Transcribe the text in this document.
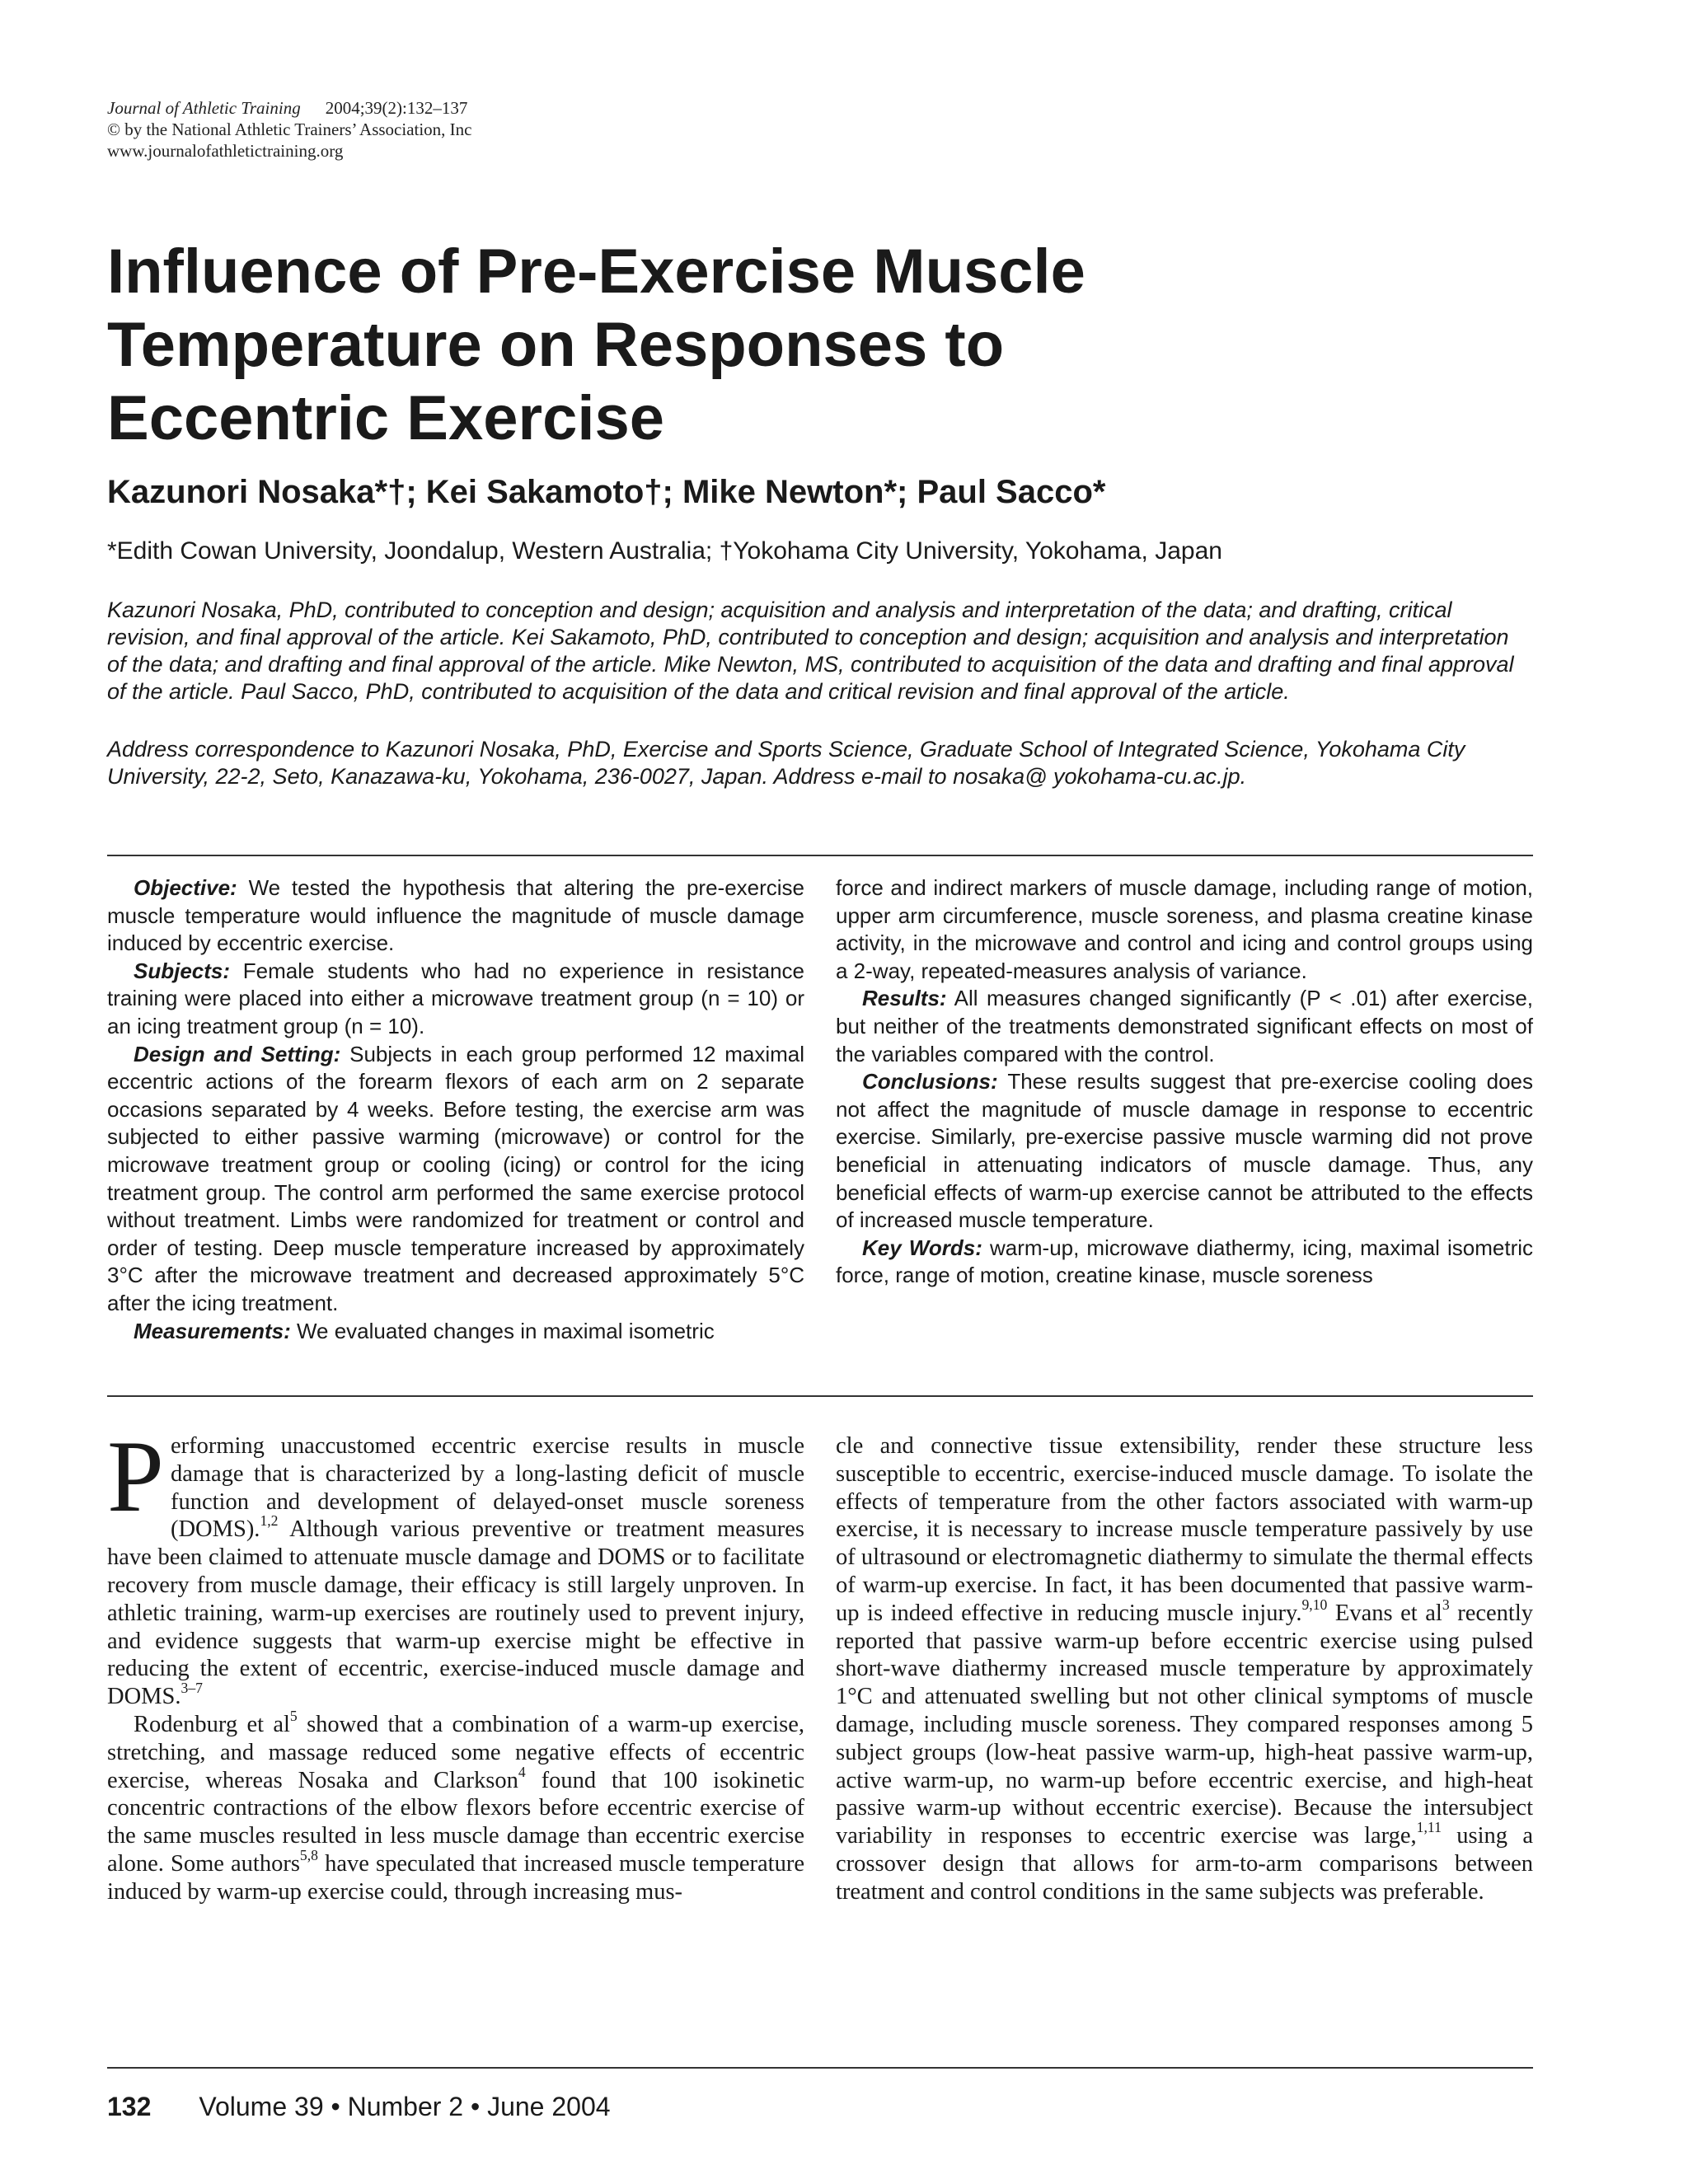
Journal of Athletic Training 2004;39(2):132–137
© by the National Athletic Trainers’ Association, Inc
www.journalofathletictraining.org
Influence of Pre-Exercise Muscle
Temperature on Responses to
Eccentric Exercise
Kazunori Nosaka*†; Kei Sakamoto†; Mike Newton*; Paul Sacco*
*Edith Cowan University, Joondalup, Western Australia; †Yokohama City University, Yokohama, Japan

Kazunori Nosaka, PhD, contributed to conception and design; acquisition and analysis and interpretation of the data; and drafting, critical revision, and final approval of the article. Kei Sakamoto, PhD, contributed to conception and design; acquisition and analysis and interpretation of the data; and drafting and final approval of the article. Mike Newton, MS, contributed to acquisition of the data and drafting and final approval of the article. Paul Sacco, PhD, contributed to acquisition of the data and critical revision and final approval of the article.

Address correspondence to Kazunori Nosaka, PhD, Exercise and Sports Science, Graduate School of Integrated Science, Yokohama City University, 22-2, Seto, Kanazawa-ku, Yokohama, 236-0027, Japan. Address e-mail to nosaka@ yokohama-cu.ac.jp.

Objective: We tested the hypothesis that altering the pre-exercise muscle temperature would influence the magnitude of muscle damage induced by eccentric exercise.

Subjects: Female students who had no experience in resistance training were placed into either a microwave treatment group (n = 10) or an icing treatment group (n = 10).

Design and Setting: Subjects in each group performed 12 maximal eccentric actions of the forearm flexors of each arm on 2 separate occasions separated by 4 weeks. Before testing, the exercise arm was subjected to either passive warming (microwave) or control for the microwave treatment group or cooling (icing) or control for the icing treatment group. The control arm performed the same exercise protocol without treatment. Limbs were randomized for treatment or control and order of testing. Deep muscle temperature increased by approximately 3°C after the microwave treatment and decreased approximately 5°C after the icing treatment.

Measurements: We evaluated changes in maximal isometric

force and indirect markers of muscle damage, including range of motion, upper arm circumference, muscle soreness, and plasma creatine kinase activity, in the microwave and control and icing and control groups using a 2-way, repeated-measures analysis of variance.

Results: All measures changed significantly (P < .01) after exercise, but neither of the treatments demonstrated significant effects on most of the variables compared with the control.

Conclusions: These results suggest that pre-exercise cooling does not affect the magnitude of muscle damage in response to eccentric exercise. Similarly, pre-exercise passive muscle warming did not prove beneficial in attenuating indicators of muscle damage. Thus, any beneficial effects of warm-up exercise cannot be attributed to the effects of increased muscle temperature.

Key Words: warm-up, microwave diathermy, icing, maximal isometric force, range of motion, creatine kinase, muscle soreness

Performing unaccustomed eccentric exercise results in muscle damage that is characterized by a long-lasting deficit of muscle function and development of delayed-onset muscle soreness (DOMS).$^{1,2}$ Although various preventive or treatment measures have been claimed to attenuate muscle damage and DOMS or to facilitate recovery from muscle damage, their efficacy is still largely unproven. In athletic training, warm-up exercises are routinely used to prevent injury, and evidence suggests that warm-up exercise might be effective in reducing the extent of eccentric, exercise-induced muscle damage and DOMS.$^{3-7}$

Rodenburg et $al^5$ showed that a combination of a warm-up exercise, stretching, and massage reduced some negative effects of eccentric exercise, whereas Nosaka and Clarkson$^4$ found that 100 isokinetic concentric contractions of the elbow flexors before eccentric exercise of the same muscles resulted in less muscle damage than eccentric exercise alone. Some authors$^{5,8}$ have speculated that increased muscle temperature induced by warm-up exercise could, through increasing mus-

cle and connective tissue extensibility, render these structure less susceptible to eccentric, exercise-induced muscle damage. To isolate the effects of temperature from the other factors associated with warm-up exercise, it is necessary to increase muscle temperature passively by use of ultrasound or electromagnetic diathermy to simulate the thermal effects of warm-up exercise. In fact, it has been documented that passive warm-up is indeed effective in reducing muscle injury.$^{9,10}$ Evans et $al^3$ recently reported that passive warm-up before eccentric exercise using pulsed short-wave diathermy increased muscle temperature by approximately 1°C and attenuated swelling but not other clinical symptoms of muscle damage, including muscle soreness. They compared responses among 5 subject groups (low-heat passive warm-up, high-heat passive warm-up, active warm-up, no warm-up before eccentric exercise, and high-heat passive warm-up without eccentric exercise). Because the intersubject variability in responses to eccentric exercise was large,$^{1,11}$ using a crossover design that allows for arm-to-arm comparisons between treatment and control conditions in the same subjects was preferable.

132 Volume 39 • Number 2 • June 2004
